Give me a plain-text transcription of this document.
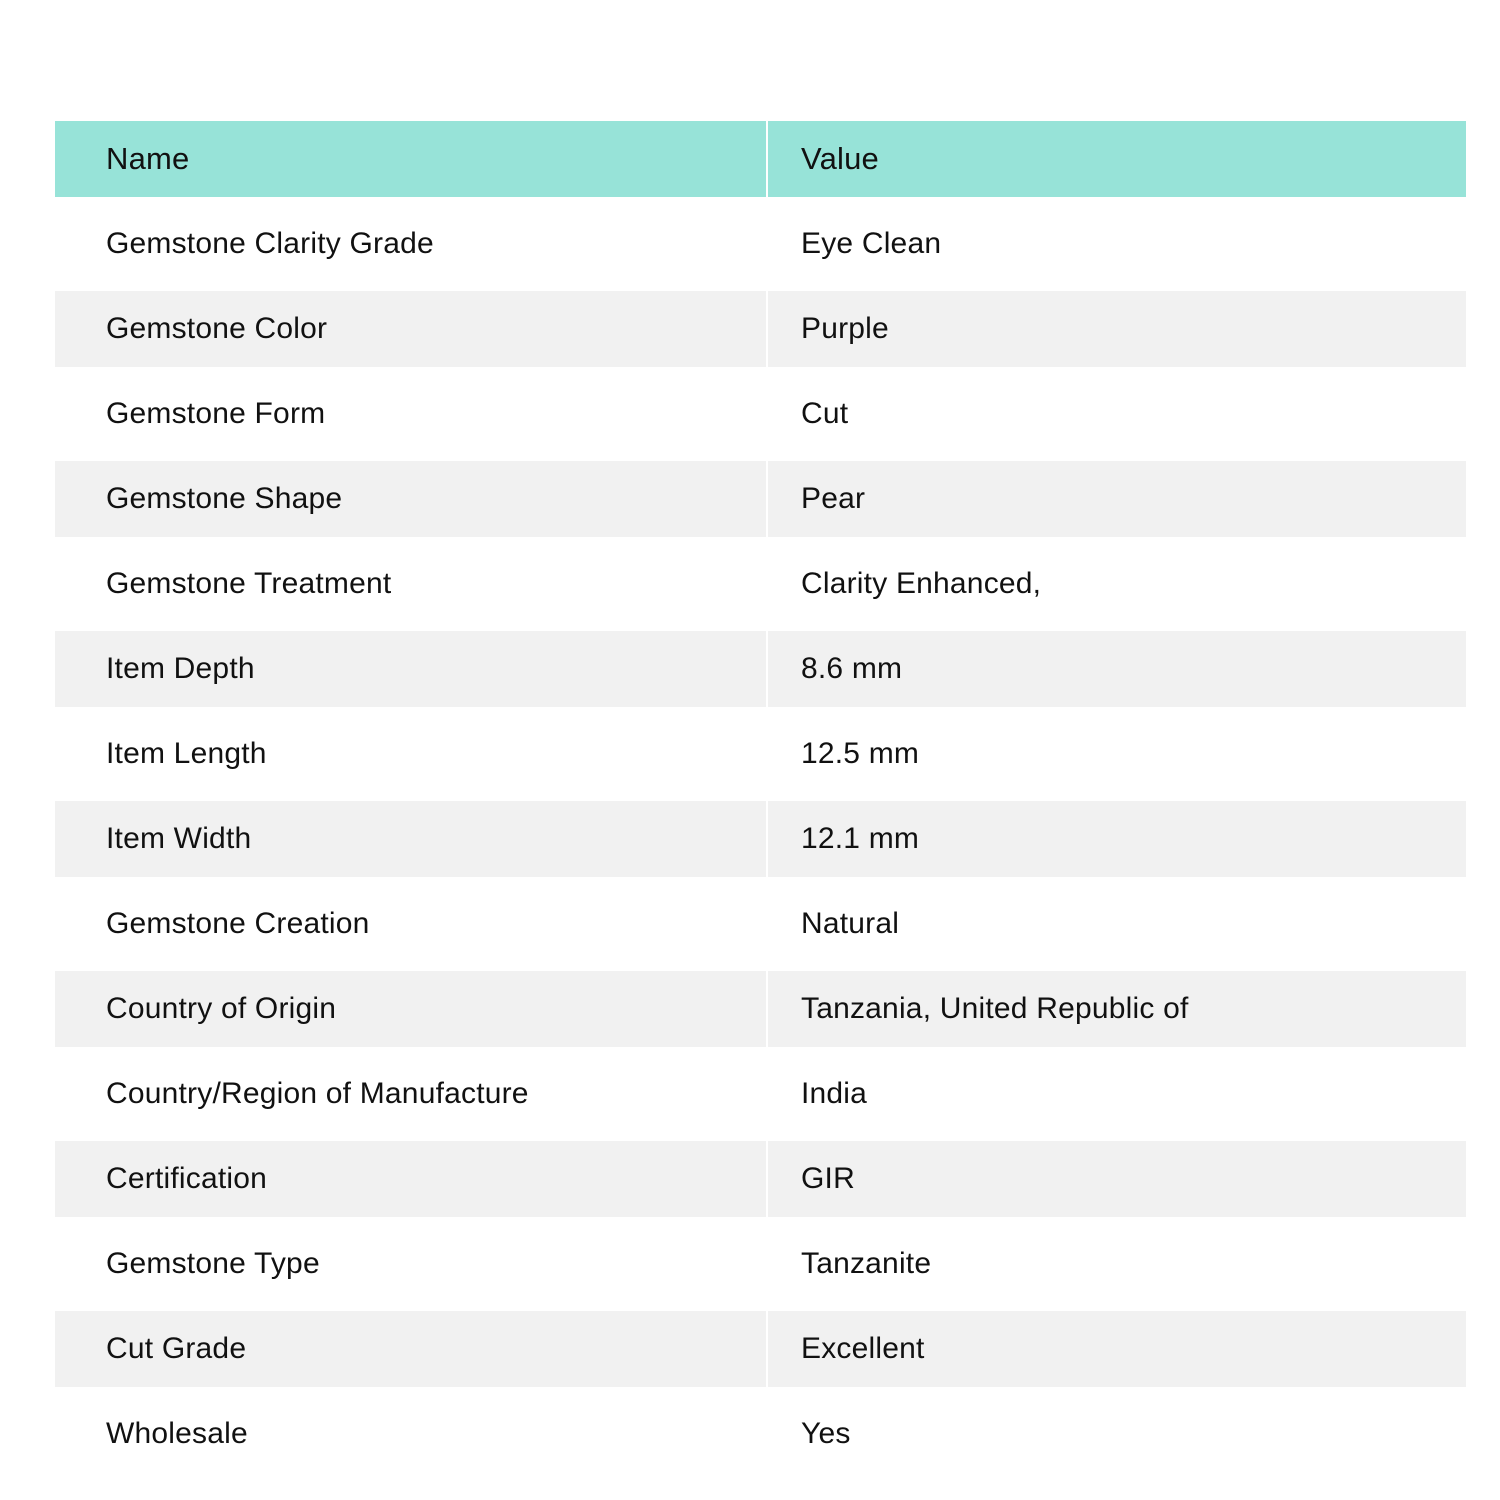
Name	Value
Gemstone Clarity Grade	Eye Clean
Gemstone Color	Purple
Gemstone Form	Cut
Gemstone Shape	Pear
Gemstone Treatment	Clarity Enhanced,
Item Depth	8.6 mm
Item Length	12.5 mm
Item Width	12.1 mm
Gemstone Creation	Natural
Country of Origin	Tanzania, United Republic of
Country/Region of Manufacture	India
Certification	GIR
Gemstone Type	Tanzanite
Cut Grade	Excellent
Wholesale	Yes
